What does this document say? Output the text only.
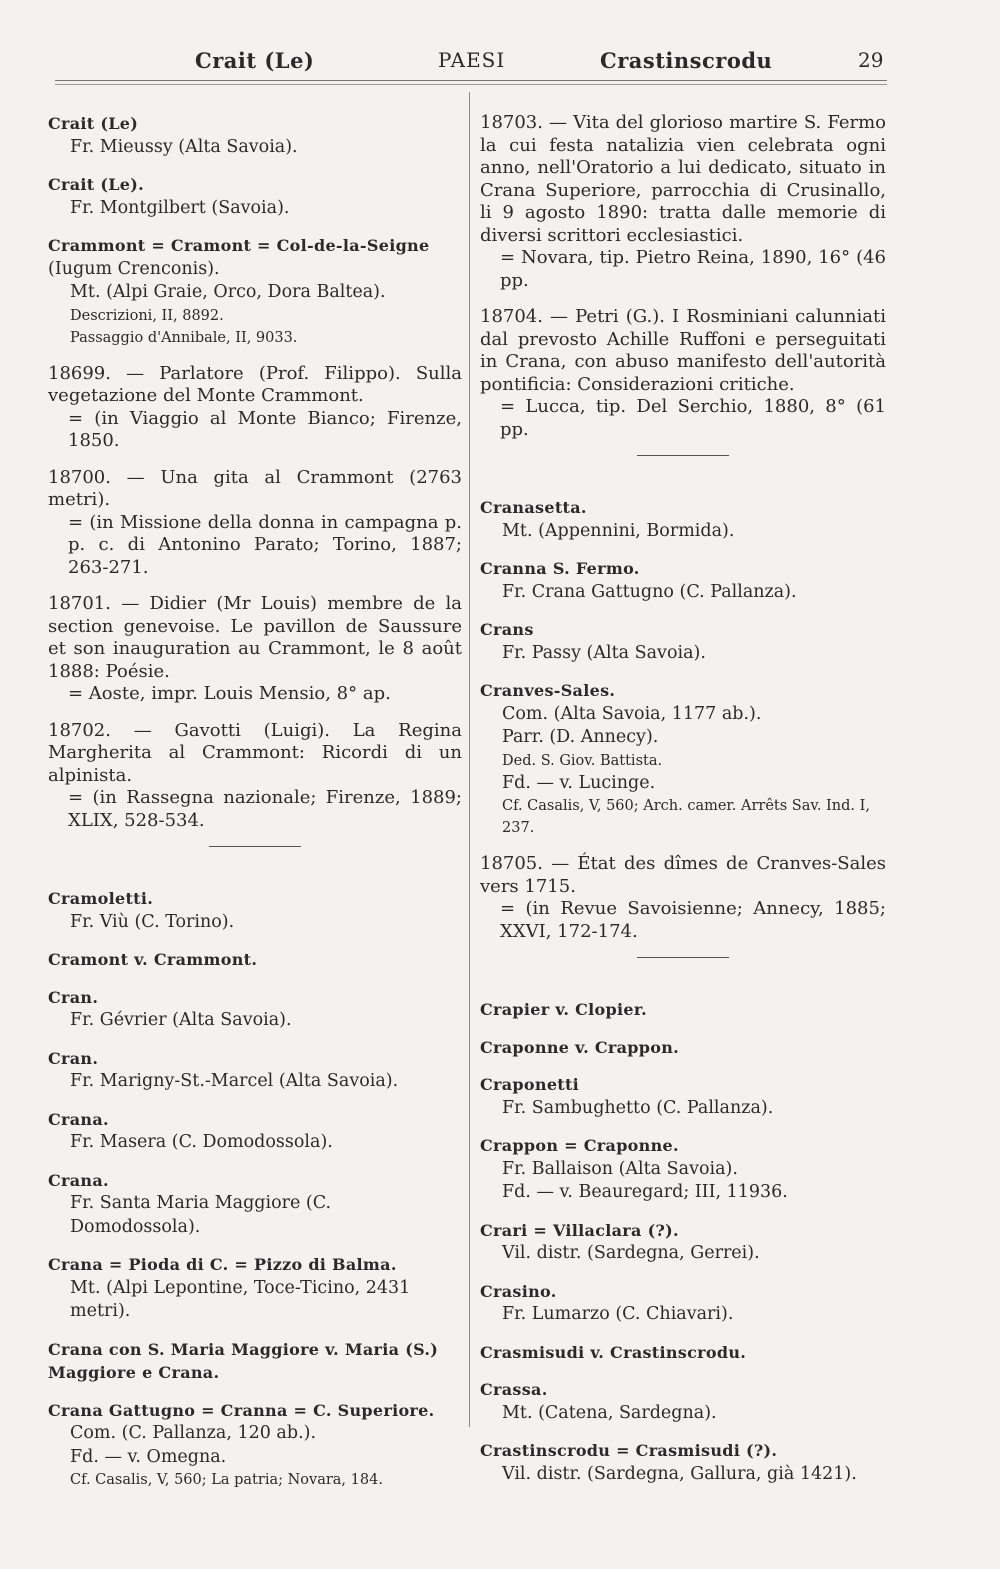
Crait (Le)	PAESI	Crastinscrodu	29
Crait (Le)
Fr. Mieussy (Alta Savoia).
Crait (Le).
Fr. Montgilbert (Savoia).
Crammont = Cramont = Col-de-la-Seigne
(Iugum Crenconis).
Mt. (Alpi Graie, Orco, Dora Baltea).
Descrizioni, II, 8892.
Passaggio d'Annibale, II, 9033.
18699. — Parlatore (Prof. Filippo). Sulla vegetazione del Monte Crammont.
= (in Viaggio al Monte Bianco; Firenze, 1850.
18700. — Una gita al Crammont (2763 metri).
= (in Missione della donna in campagna p. p. c. di Antonino Parato; Torino, 1887; 263-271.
18701. — Didier (Mr Louis) membre de la section genevoise. Le pavillon de Saussure et son inauguration au Crammont, le 8 août 1888: Poésie.
= Aoste, impr. Louis Mensio, 8° ap.
18702. — Gavotti (Luigi). La Regina Margherita al Crammont: Ricordi di un alpinista.
= (in Rassegna nazionale; Firenze, 1889; XLIX, 528-534.
Cramoletti.
Fr. Viù (C. Torino).
Cramont v. Crammont.
Cran.
Fr. Gévrier (Alta Savoia).
Cran.
Fr. Marigny-St.-Marcel (Alta Savoia).
Crana.
Fr. Masera (C. Domodossola).
Crana.
Fr. Santa Maria Maggiore (C. Domodossola).
Crana = Pioda di C. = Pizzo di Balma.
Mt. (Alpi Lepontine, Toce-Ticino, 2431 metri).
Crana con S. Maria Maggiore v. Maria (S.) Maggiore e Crana.
Crana Gattugno = Cranna = C. Superiore.
Com. (C. Pallanza, 120 ab.).
Fd. — v. Omegna.
Cf. Casalis, V, 560; La patria; Novara, 184.
18703. — Vita del glorioso martire S. Fermo la cui festa natalizia vien celebrata ogni anno, nell'Oratorio a lui dedicato, situato in Crana Superiore, parrocchia di Crusinallo, li 9 agosto 1890: tratta dalle memorie di diversi scrittori ecclesiastici.
= Novara, tip. Pietro Reina, 1890, 16° (46 pp.
18704. — Petri (G.). I Rosminiani calunniati dal prevosto Achille Ruffoni e perseguitati in Crana, con abuso manifesto dell'autorità pontificia: Considerazioni critiche.
= Lucca, tip. Del Serchio, 1880, 8° (61 pp.
Cranasetta.
Mt. (Appennini, Bormida).
Cranna S. Fermo.
Fr. Crana Gattugno (C. Pallanza).
Crans
Fr. Passy (Alta Savoia).
Cranves-Sales.
Com. (Alta Savoia, 1177 ab.).
Parr. (D. Annecy).
Ded. S. Giov. Battista.
Fd. — v. Lucinge.
Cf. Casalis, V, 560; Arch. camer. Arrêts Sav. Ind. I, 237.
18705. — État des dîmes de Cranves-Sales vers 1715.
= (in Revue Savoisienne; Annecy, 1885; XXVI, 172-174.
Crapier v. Clopier.
Craponne v. Crappon.
Craponetti
Fr. Sambughetto (C. Pallanza).
Crappon = Craponne.
Fr. Ballaison (Alta Savoia).
Fd. — v. Beauregard; III, 11936.
Crari = Villaclara (?).
Vil. distr. (Sardegna, Gerrei).
Crasino.
Fr. Lumarzo (C. Chiavari).
Crasmisudi v. Crastinscrodu.
Crassa.
Mt. (Catena, Sardegna).
Crastinscrodu = Crasmisudi (?).
Vil. distr. (Sardegna, Gallura, già 1421).
